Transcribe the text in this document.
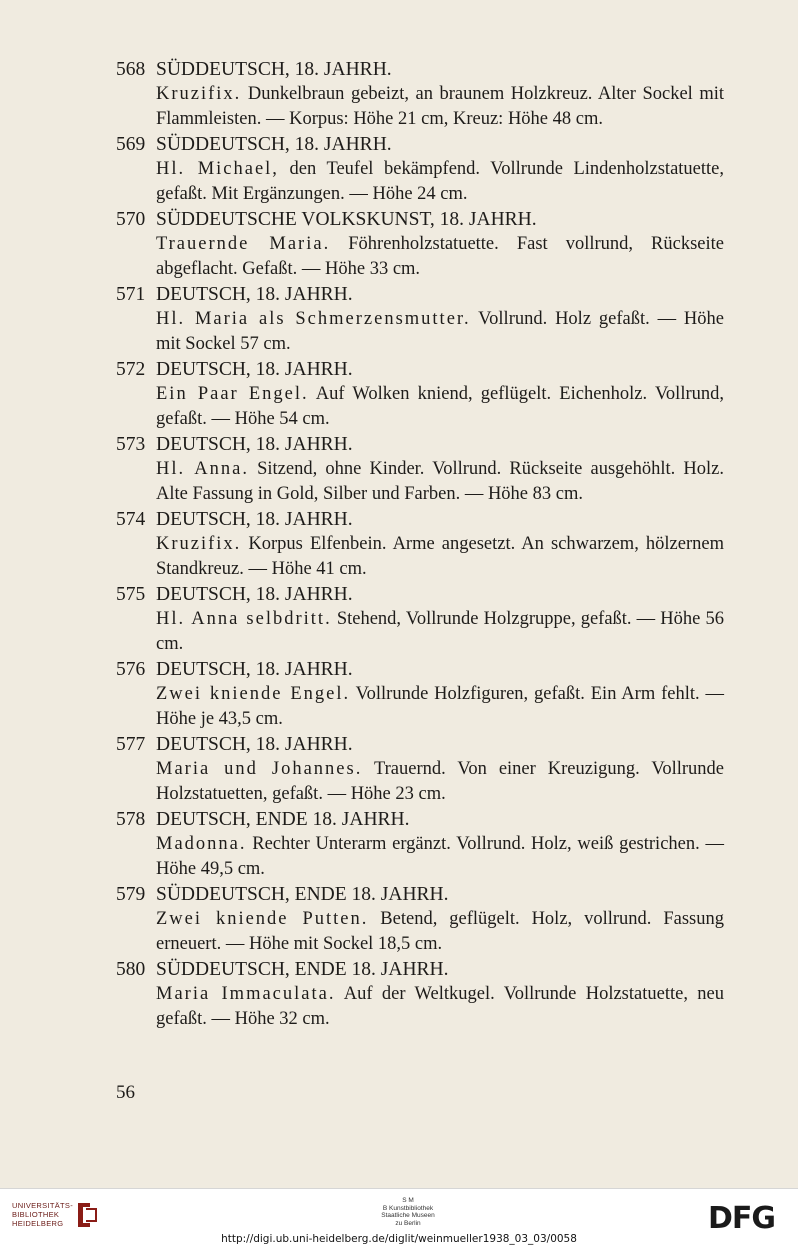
568 SÜDDEUTSCH, 18. JAHRH.
Kruzifix. Dunkelbraun gebeizt, an braunem Holzkreuz. Alter Sockel mit Flammleisten. — Korpus: Höhe 21 cm, Kreuz: Höhe 48 cm.
569 SÜDDEUTSCH, 18. JAHRH.
Hl. Michael, den Teufel bekämpfend. Vollrunde Lindenholzstatuette, gefaßt. Mit Ergänzungen. — Höhe 24 cm.
570 SÜDDEUTSCHE VOLKSKUNST, 18. JAHRH.
Trauernde Maria. Föhrenholzstatuette. Fast vollrund, Rückseite abgeflacht. Gefaßt. — Höhe 33 cm.
571 DEUTSCH, 18. JAHRH.
Hl. Maria als Schmerzensmutter. Vollrund. Holz gefaßt. — Höhe mit Sockel 57 cm.
572 DEUTSCH, 18. JAHRH.
Ein Paar Engel. Auf Wolken kniend, geflügelt. Eichenholz. Vollrund, gefaßt. — Höhe 54 cm.
573 DEUTSCH, 18. JAHRH.
Hl. Anna. Sitzend, ohne Kinder. Vollrund. Rückseite ausgehöhlt. Holz. Alte Fassung in Gold, Silber und Farben. — Höhe 83 cm.
574 DEUTSCH, 18. JAHRH.
Kruzifix. Korpus Elfenbein. Arme angesetzt. An schwarzem, hölzernem Standkreuz. — Höhe 41 cm.
575 DEUTSCH, 18. JAHRH.
Hl. Anna selbdritt. Stehend, Vollrunde Holzgruppe, gefaßt. — Höhe 56 cm.
576 DEUTSCH, 18. JAHRH.
Zwei kniende Engel. Vollrunde Holzfiguren, gefaßt. Ein Arm fehlt. — Höhe je 43,5 cm.
577 DEUTSCH, 18. JAHRH.
Maria und Johannes. Trauernd. Von einer Kreuzigung. Vollrunde Holzstatuetten, gefaßt. — Höhe 23 cm.
578 DEUTSCH, ENDE 18. JAHRH.
Madonna. Rechter Unterarm ergänzt. Vollrund. Holz, weiß gestrichen. — Höhe 49,5 cm.
579 SÜDDEUTSCH, ENDE 18. JAHRH.
Zwei kniende Putten. Betend, geflügelt. Holz, vollrund. Fassung erneuert. — Höhe mit Sockel 18,5 cm.
580 SÜDDEUTSCH, ENDE 18. JAHRH.
Maria Immaculata. Auf der Weltkugel. Vollrunde Holzstatuette, neu gefaßt. — Höhe 32 cm.
56
UNIVERSITÄTS-
BIBLIOTHEK
HEIDELBERG
S M
B Kunstbibliothek
Staatliche Museen
zu Berlin	DFG
http://digi.ub.uni-heidelberg.de/diglit/weinmueller1938_03_03/0058
